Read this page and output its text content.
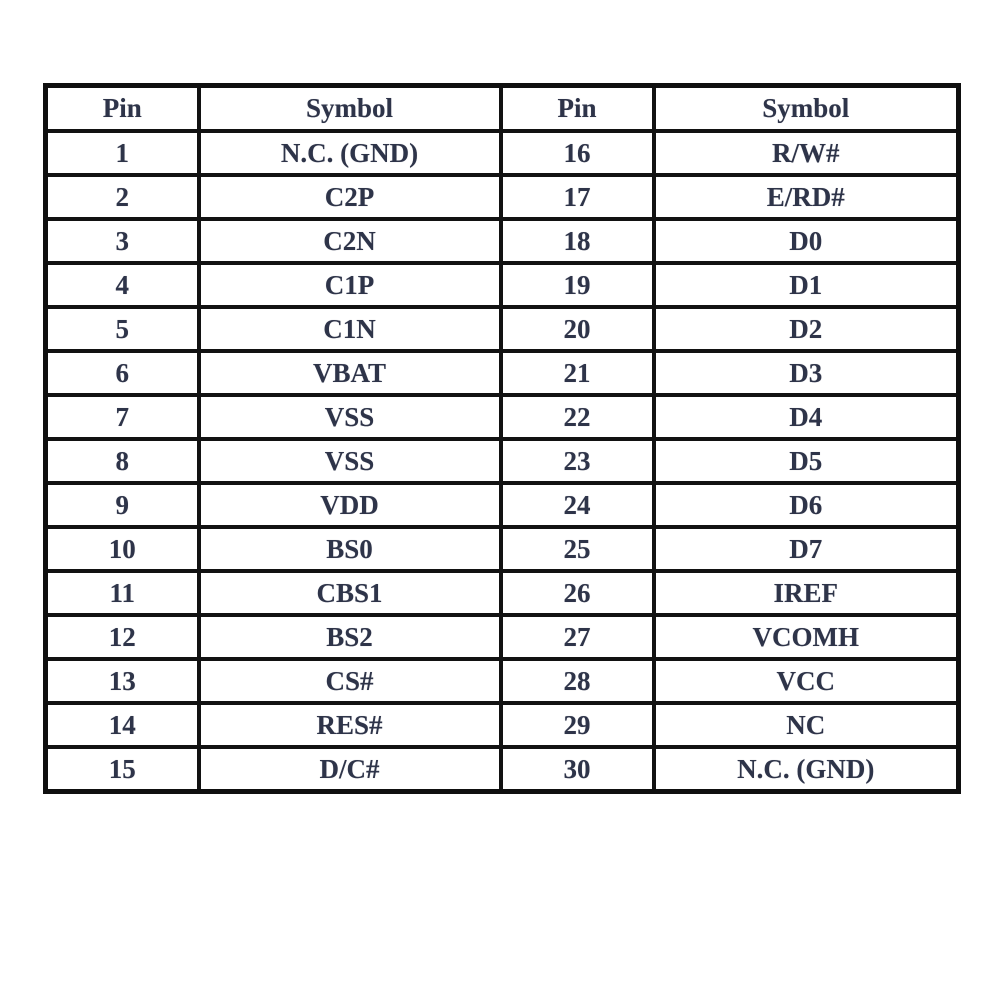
Pin	Symbol	Pin	Symbol
1	N.C. (GND)	16	R/W#
2	C2P	17	E/RD#
3	C2N	18	D0
4	C1P	19	D1
5	C1N	20	D2
6	VBAT	21	D3
7	VSS	22	D4
8	VSS	23	D5
9	VDD	24	D6
10	BS0	25	D7
11	CBS1	26	IREF
12	BS2	27	VCOMH
13	CS#	28	VCC
14	RES#	29	NC
15	D/C#	30	N.C. (GND)
